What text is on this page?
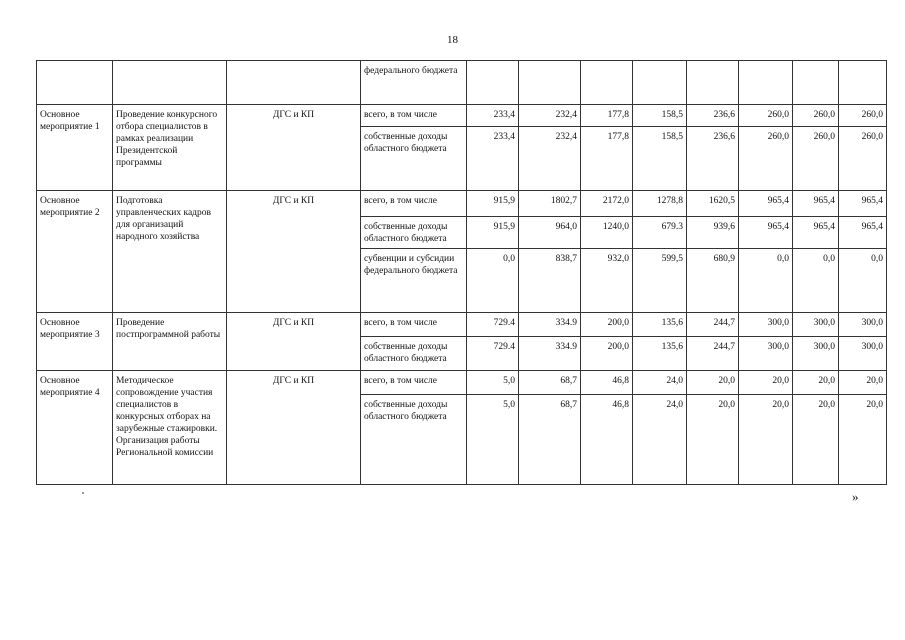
18
			федерального бюджета								
Основное мероприятие 1	Проведение конкурсного отбора специалистов в рамках реализации Президентской программы	ДГС и КП	всего, в том числе	233,4	232,4	177,8	158,5	236,6	260,0	260,0	260,0
			собственные доходы областного бюджета	233,4	232,4	177,8	158,5	236,6	260,0	260,0	260,0
Основное мероприятие 2	Подготовка управленческих кадров для организаций народного хозяйства	ДГС и КП	всего, в том числе	915,9	1802,7	2172,0	1278,8	1620,5	965,4	965,4	965,4
			собственные доходы областного бюджета	915,9	964,0	1240,0	679.3	939,6	965,4	965,4	965,4
			субвенции и субсидии федерального бюджета	0,0	838,7	932,0	599,5	680,9	0,0	0,0	0,0
Основное мероприятие 3	Проведение постпрограммной работы	ДГС и КП	всего, в том числе	729.4	334.9	200,0	135,6	244,7	300,0	300,0	300,0
			собственные доходы областного бюджета	729.4	334.9	200,0	135,6	244,7	300,0	300,0	300,0
Основное мероприятие 4	Методическое сопровождение участия специалистов в конкурсных отборах на зарубежные стажировки. Организация работы Региональной комиссии	ДГС и КП	всего, в том числе	5,0	68,7	46,8	24,0	20,0	20,0	20,0	20,0
			собственные доходы областного бюджета	5,0	68,7	46,8	24,0	20,0	20,0	20,0	20,0
»
